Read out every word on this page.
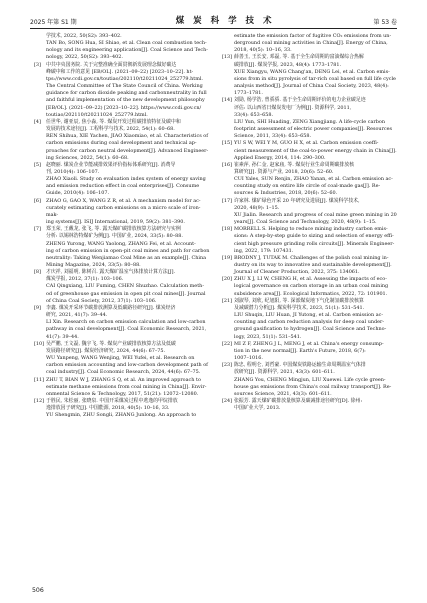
2025 年第 S1 期	煤 炭 科 学 技 术	第 53 卷

学技术, 2022, 50(S2): 393–402.

TAN Bo, SONG Hua, SI Shiao, et al. Clean coal combustion tech-

nology and its engineering application[J]. Coal Science and Tech-

nology, 2022, 50(S2): 393–402.

[3] 中共中央国务院. 关于完整准确全面贯彻新发展理念做好碳达

峰碳中和工作的意见 [EB/OL]. (2021–09–22) [2023–10–22]. ht-

tps://www.ccdi.gov.cn/toutiao/202110/t20211024_252779.html.

The Central Committee of The State Council of China. Working

guidance for carbon dioxide peaking and carbonneutrality in full

and faithful implementation of the new development philosophy

[EB/OL]. (2021–09–22) [2023–10–22]. https://www.ccdi.gov.cn/

toutiao/202110/t20211024_252779.html.

[4] 任世华, 谢亚辰, 焦小淼, 等. 煤炭开发过程碳排放特征及碳中和

发展的技术途径[J]. 工程科学与技术, 2022, 54(1): 60–68.

REN Shihua, XIE Yachen, JIAO Xiaomiao, et al. Characteristics of

carbon emissions during coal development and technical ap-

proaches for carbon neutral development[J]. Advanced Engineer-

ing Sciences, 2022, 54(1): 60–68.

[5] 赵晓丽. 煤炭企业节能减排效果评价指标体系研究[J]. 消费导

刊, 2010(4): 106–107.

ZHAO Xiaoli. Study on evaluation index system of energy saving

and emission reduction effect in coal enterprises[J]. Consume

Guide, 2010(4): 106–107.

[6] ZHAO G, GAO X, WANG Z R, et al. A mechanism model for ac-

curately estimating carbon emissions on a micro scale of iron-mak-

ing systems[J]. ISIJ International, 2019, 59(2): 381–390.

[7] 郑玉荣, 王戴龙, 张飞, 等. 露天煤矿碳排放核算方法研究与实例

分析: 以锡林浩特煤矿为例[J]. 中国矿业, 2024, 33(5): 80–88.

ZHENG Yurong, WANG Yaolong, ZHANG Fei, et al. Account-

ing of carbon emission in open-pit coal mines and path for carbon

neutrality: Taking Wenjiamao Coal Mine as an example[J]. China

Mining Magazine, 2024, 33(5): 80–88.

[8] 才庆祥, 刘福明, 陈树召. 露天煤矿温室气体排放计算方法[J].

煤炭学报, 2012, 37(1): 103–106.

CAI Qingxiang, LIU Fuming, CHEN Shuzhao. Calculation meth-

od of greenhouse gas emission in open pit coal mines[J]. Journal

of China Coal Society, 2012, 37(1): 103–106.

[9] 李鑫. 煤炭开采环节碳排放测算及低碳路径研究[J]. 煤炭经济

研究, 2021, 41(7): 39–44.

LI Xin. Research on carbon emission calculation and low-carbon

pathway in coal development[J]. Coal Economic Research, 2021,

41(7): 39–44.

[10] 吴严鹏, 王文磊, 魏宇飞, 等. 煤炭产业碳排放核算方法及低碳

发展路径研究[J]. 煤炭经济研究, 2024, 44(6): 67–75.

WU Yanpeng, WANG Wenjing, WEI Yufei, et al. Research on

carbon emission accounting and low-carbon development path of

coal industry[J]. Coal Economic Research, 2024, 44(6): 67–75.

[11] ZHU T, BIAN W J, ZHANG S Q, et al. An improved approach to

estimate methane emissions from coal mining in China[J]. Envir-

onmental Science & Technology, 2017, 51(21): 12072–12080.

[12] 于胜民, 朱松丽, 张晓泉. 中国开采煤炭过程中逃逸的甲烷排放

逸排放因子研究[J]. 中国能源, 2018, 40(5): 10–16, 33.

YU Shengmin, ZHU Songli, ZHANG Junlong. An approach to

estimate the emission factor of fugitive CO₂ emissions from un-

derground coal mining activities in China[J]. Energy of China,

2018, 40(5): 10–16, 33.

[13] 薛善玉, 王长安, 邓磊, 等. 基于全生命周期的富油煤综合热解

碳排放[J]. 煤炭学报, 2023, 48(4): 1773–1781.

XUE Xiangyu, WANG Chang'an, DENG Lei, et al. Carbon emis-

sions from in situ pyrolysis of tar-rich coal based on full life cycle

analysis method[J]. Journal of China Coal Society, 2023, 48(4):

1773–1781.

[14] 刘勋, 杨学浩, 曾骄骄. 基于全生命周期评价的电力企业碳足迹

评估: 以山西省日煤炭发电厂为例[J]. 资源科学, 2011,

33(4): 653–658.

LIU Yun, SHI Huading, ZENG Xiangjiang. A life-cycle carbon

footprint assessment of electric power companies[J]. Resources

Science, 2011, 33(4): 653–658.

[15] YU S W, WEI Y M, GUO H X, et al. Carbon emission coeffi-

cient measurement of the coal-to-power energy chain in China[J].

Applied Energy, 2014, 114: 290–300.

[16] 崔素萍, 孙仁金, 赵家庙, 等. 煤炭行业生命周期碳排放核

算研究[J]. 资源与产业, 2018, 20(6): 52–60.

CUI Yales, SUN Renjin, ZHAO Yanan, et al. Carbon emission ac-

counting study on entire life circle of coal-made gas[J]. Re-

sources & Industries, 2018, 20(6): 52–60.

[17] 许家林. 煤矿绿色开采 20 年研究及进展[J]. 煤炭科学技术,

2020, 48(9): 1–15.

XU Jialin. Research and progress of coal mine green mining in 20

years[J]. Coal Science and Technology, 2020, 48(9): 1–15.

[18] MORRELL S. Helping to reduce mining industry carbon emis-

sions: A step-by-step guide to sizing and selection of energy effi-

cient high pressure grinding rolls circuits[J]. Minerals Engineer-

ing, 2022, 179: 107431.

[19] BRODNY J, TUTAK M. Challenges of the polish coal mining in-

dustry on its way to innovative and sustainable development[J].

Journal of Cleaner Production, 2022, 375: 134061.

[20] ZHU X J, LI W, CHENG H, et al. Assessing the impacts of eco-

logical governance on carbon storage in an urban coal mining

subsidence area[J]. Ecological Informatics, 2022, 72: 101901.

[21] 刘淑琴, 刘欣, 纪旭阳, 等. 深部煤炭地下气化制氢碳排放核算

及减碳潜力分析[J]. 煤炭科学技术, 2023, 51(1): 531–541.

LIU Shuqin, LIU Huan, JI Yutong, et al. Carbon emission ac-

counting and carbon reduction analysis for deep coal under-

ground gasification to hydrogen[J]. Coal Science and Techno-

logy, 2023, 51(1): 531–541.

[22] MI Z F, ZHENG J L, MENG J, et al. China's energy consump-

tion in the new normal[J]. Earth's Future, 2018, 6(7):

1007–1016.

[23] 陈忠, 程明仑, 刘哲豪. 中国煤炭铁路运输生命周期温室气体排

放研究[J]. 资源科学, 2021, 43(3): 601–611.

ZHANG You, CHENG Mingjun, LIU Xuewei. Life cycle green-

house gas emissions from China's coal railway transport[J]. Re-

sources Science, 2021, 43(3): 601–611.

[24] 张振芳. 露天煤矿碳排放量核算及碳减排途径研究[D]. 徐州:

中国矿业大学, 2013.

506
